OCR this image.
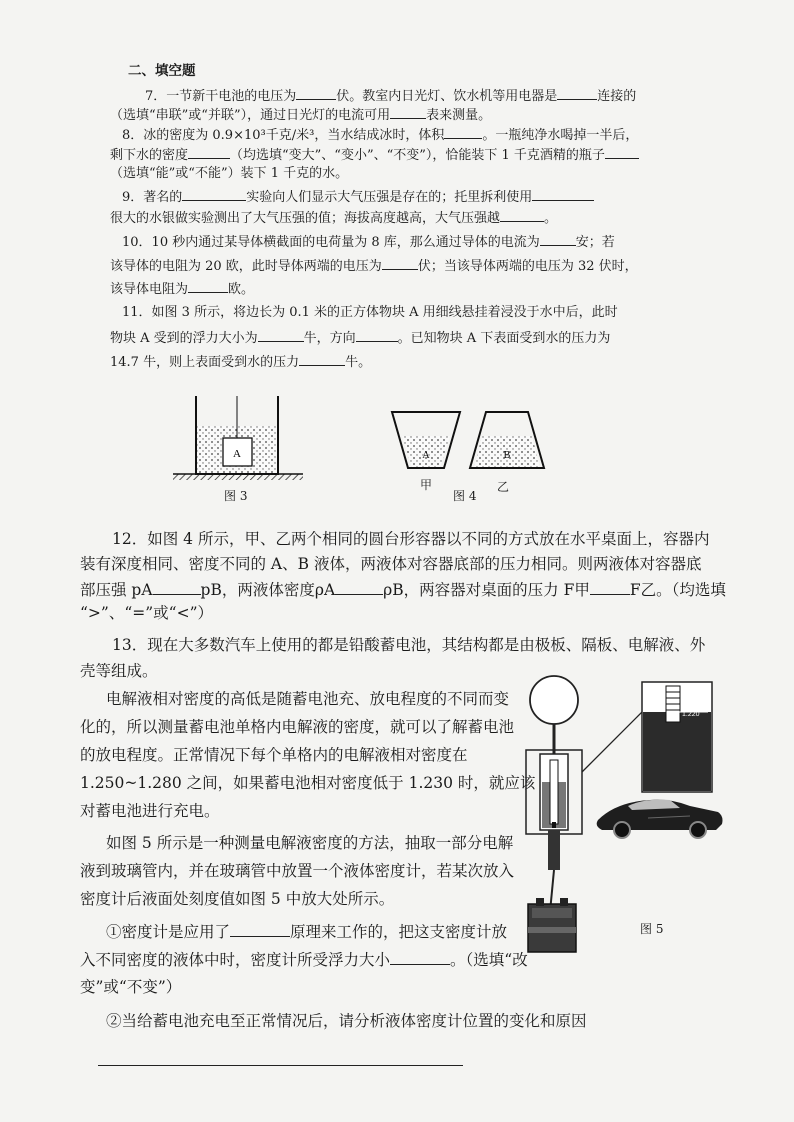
二、填空题
7．一节新干电池的电压为	伏。教室内日光灯、饮水机等用电器是	连接的
（选填“串联”或“并联”），通过日光灯的电流可用	表来测量。
8．冰的密度为 0.9×10³千克/米³，当水结成冰时，体积	。一瓶纯净水喝掉一半后，
剩下水的密度	（均选填“变大”、“变小”、“不变”），恰能装下 1 千克酒精的瓶子
（选填“能”或“不能”）装下 1 千克的水。
9．著名的	实验向人们显示大气压强是存在的；托里拆利使用
很大的水银做实验测出了大气压强的值；海拔高度越高，大气压强越	。
10．10 秒内通过某导体横截面的电荷量为 8 库，那么通过导体的电流为	安；若
该导体的电阻为 20 欧，此时导体两端的电压为	伏；当该导体两端的电压为 32 伏时，
该导体电阻为	欧。
11．如图 3 所示，将边长为 0.1 米的正方体物块 A 用细线悬挂着浸没于水中后，此时
物块 A 受到的浮力大小为	牛，方向	。已知物块 A 下表面受到水的压力为
14.7 牛，则上表面受到水的压力	牛。
A
图 3
A	B
甲
图 4
乙
12．如图 4 所示，甲、乙两个相同的圆台形容器以不同的方式放在水平桌面上，容器内
装有深度相同、密度不同的 A、B 液体，两液体对容器底部的压力相同。则两液体对容器底
部压强 pA	pB，两液体密度ρA	ρB，两容器对桌面的压力 F甲	F乙。（均选填
“>”、“=”或“<”）
13．现在大多数汽车上使用的都是铅酸蓄电池，其结构都是由极板、隔板、电解液、外
壳等组成。
电解液相对密度的高低是随蓄电池充、放电程度的不同而变
化的，所以测量蓄电池单格内电解液的密度，就可以了解蓄电池
的放电程度。正常情况下每个单格内的电解液相对密度在
1.250~1.280 之间，如果蓄电池相对密度低于 1.230 时，就应该
对蓄电池进行充电。
如图 5 所示是一种测量电解液密度的方法，抽取一部分电解
液到玻璃管内，并在玻璃管中放置一个液体密度计，若某次放入
密度计后液面处刻度值如图 5 中放大处所示。
①密度计是应用了	原理来工作的，把这支密度计放
入不同密度的液体中时，密度计所受浮力大小	。（选填“改
变”或“不变”）
②当给蓄电池充电至正常情况后，请分析液体密度计位置的变化和原因
1.220
图 5
